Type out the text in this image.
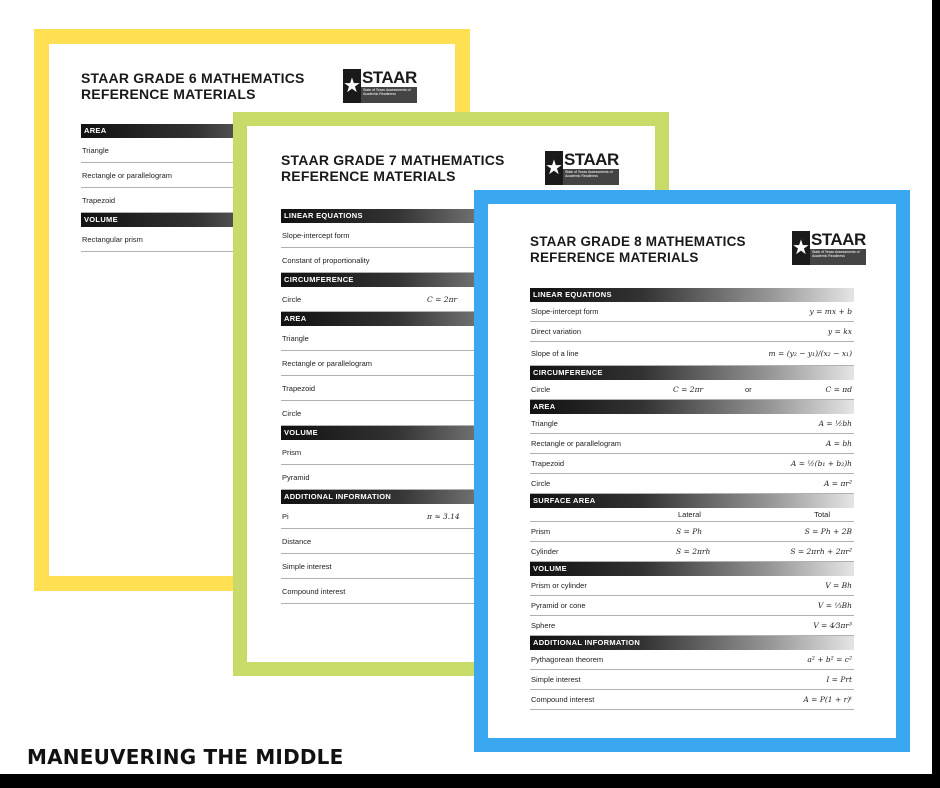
STAAR GRADE 6 MATHEMATICS REFERENCE MATERIALS	★ STAAR
State of Texas Assessments of Academic Readiness
AREA
Triangle
Rectangle or parallelogram
Trapezoid
VOLUME
Rectangular prism
STAAR GRADE 7 MATHEMATICS REFERENCE MATERIALS	★ STAAR
State of Texas Assessments of Academic Readiness
LINEAR EQUATIONS
Slope-intercept form
Constant of proportionality
CIRCUMFERENCE
Circle	C = 2πr
AREA
Triangle
Rectangle or parallelogram
Trapezoid
Circle
VOLUME
Prism
Pyramid
ADDITIONAL INFORMATION
Pi	π ≈ 3.14
Distance
Simple interest
Compound interest
STAAR GRADE 8 MATHEMATICS REFERENCE MATERIALS	★ STAAR
State of Texas Assessments of Academic Readiness
LINEAR EQUATIONS
Slope-intercept form	y = mx + b
Direct variation	y = kx
Slope of a line	m = (y₂ − y₁)/(x₂ − x₁)
CIRCUMFERENCE
Circle	C = 2πr	or	C = πd
AREA
Triangle	A = ½bh
Rectangle or parallelogram	A = bh
Trapezoid	A = ½(b₁ + b₂)h
Circle	A = πr²
SURFACE AREA
Lateral	Total
Prism	S = Ph	S = Ph + 2B
Cylinder	S = 2πrh	S = 2πrh + 2πr²
VOLUME
Prism or cylinder	V = Bh
Pyramid or cone	V = ⅓Bh
Sphere	V = 4⁄3πr³
ADDITIONAL INFORMATION
Pythagorean theorem	a² + b² = c²
Simple interest	I = Prt
Compound interest	A = P(1 + r)ᵗ
MANEUVERING THE MIDDLE
